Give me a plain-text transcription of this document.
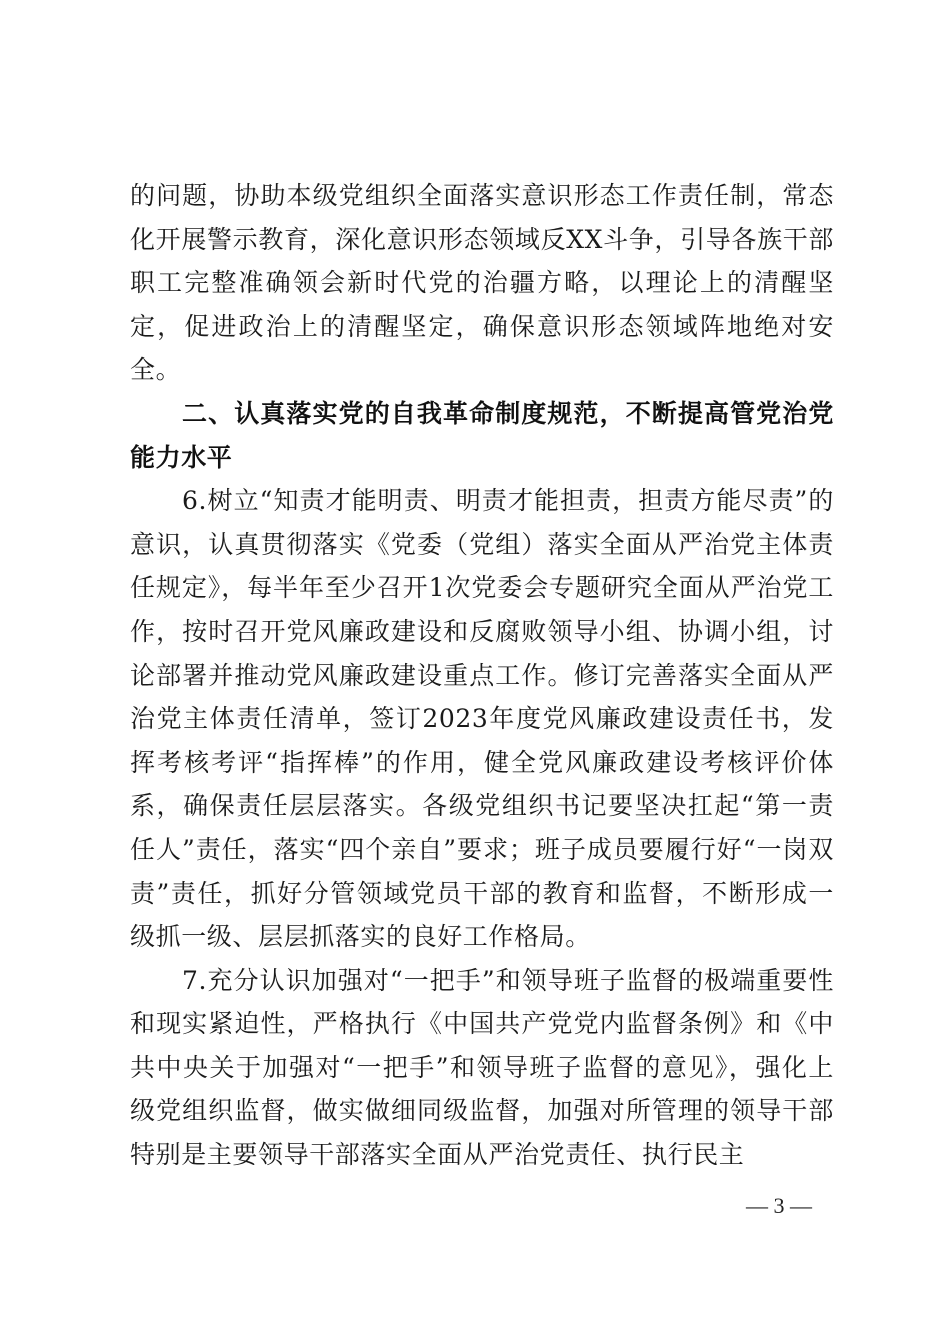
的问题，协助本级党组织全面落实意识形态工作责任制，常态化开展警示教育，深化意识形态领域反XX斗争，引导各族干部职工完整准确领会新时代党的治疆方略，以理论上的清醒坚定，促进政治上的清醒坚定，确保意识形态领域阵地绝对安全。

二、认真落实党的自我革命制度规范，不断提高管党治党能力水平

6.树立“知责才能明责、明责才能担责，担责方能尽责”的意识，认真贯彻落实《党委（党组）落实全面从严治党主体责任规定》，每半年至少召开1次党委会专题研究全面从严治党工作，按时召开党风廉政建设和反腐败领导小组、协调小组，讨论部署并推动党风廉政建设重点工作。修订完善落实全面从严治党主体责任清单，签订2023年度党风廉政建设责任书，发挥考核考评“指挥棒”的作用，健全党风廉政建设考核评价体系，确保责任层层落实。各级党组织书记要坚决扛起“第一责任人”责任，落实“四个亲自”要求；班子成员要履行好“一岗双责”责任，抓好分管领域党员干部的教育和监督，不断形成一级抓一级、层层抓落实的良好工作格局。

7.充分认识加强对“一把手”和领导班子监督的极端重要性和现实紧迫性，严格执行《中国共产党党内监督条例》和《中共中央关于加强对“一把手”和领导班子监督的意见》，强化上级党组织监督，做实做细同级监督，加强对所管理的领导干部特别是主要领导干部落实全面从严治党责任、执行民主

— 3 —
